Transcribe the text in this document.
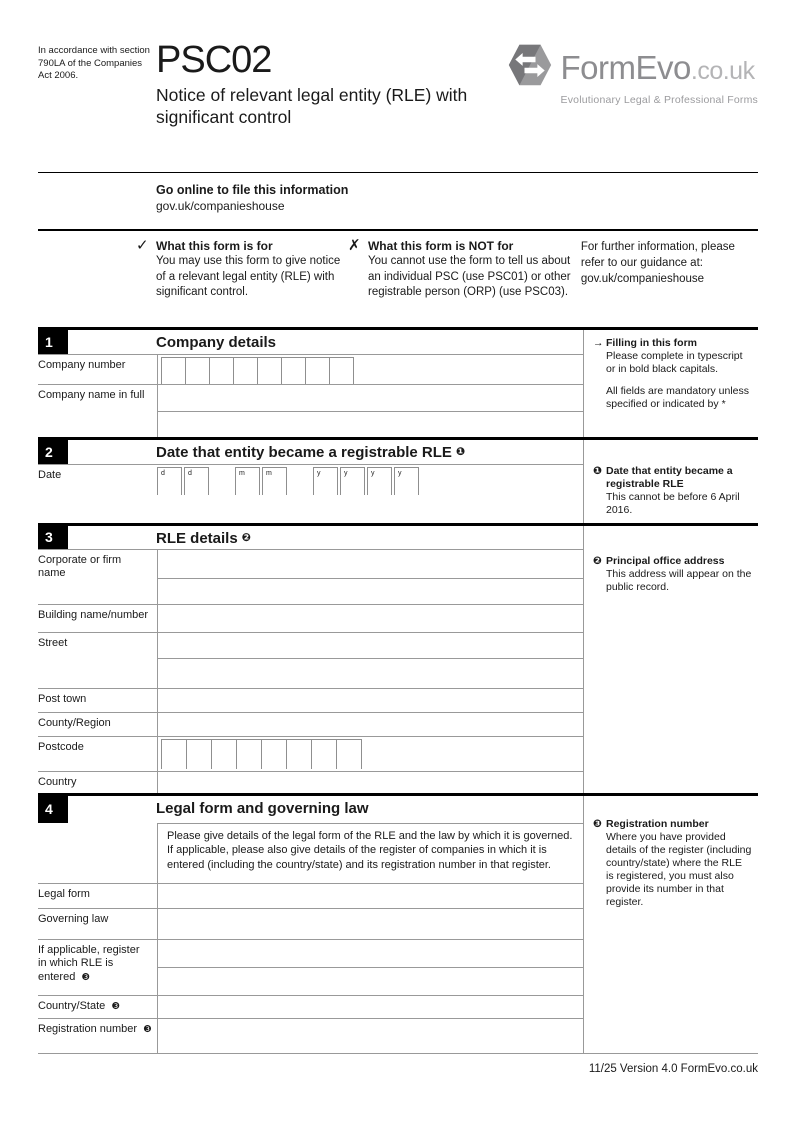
In accordance with section 790LA of the Companies Act 2006.	PSC02
Notice of relevant legal entity (RLE) with significant control
FormEvo.co.uk
Evolutionary Legal & Professional Forms
Go online to file this information
gov.uk/companieshouse
✓ What this form is for
You may use this form to give notice of a relevant legal entity (RLE) with significant control.
✗ What this form is NOT for
You cannot use the form to tell us about an individual PSC (use PSC01) or other registrable person (ORP) (use PSC03).
For further information, please refer to our guidance at: gov.uk/companieshouse
1	Company details
Company number
Company name in full
2	Date that entity became a registrable RLE ❶
Date	d	d	m	m	y	y	y	y
3	RLE details ❷
Corporate or firm name
Building name/number
Street
Post town
County/Region
Postcode
Country
4	Legal form and governing law
Please give details of the legal form of the RLE and the law by which it is governed. If applicable, please also give details of the register of companies in which it is entered (including the country/state) and its registration number in that register.
Legal form
Governing law
If applicable, register in which RLE is entered ❸
Country/State ❸
Registration number ❸
→ Filling in this form
Please complete in typescript or in bold black capitals.
All fields are mandatory unless specified or indicated by *
❶ Date that entity became a registrable RLE
This cannot be before 6 April 2016.
❷ Principal office address
This address will appear on the public record.
❸ Registration number
Where you have provided details of the register (including country/state) where the RLE is registered, you must also provide its number in that register.
11/25 Version 4.0 FormEvo.co.uk
